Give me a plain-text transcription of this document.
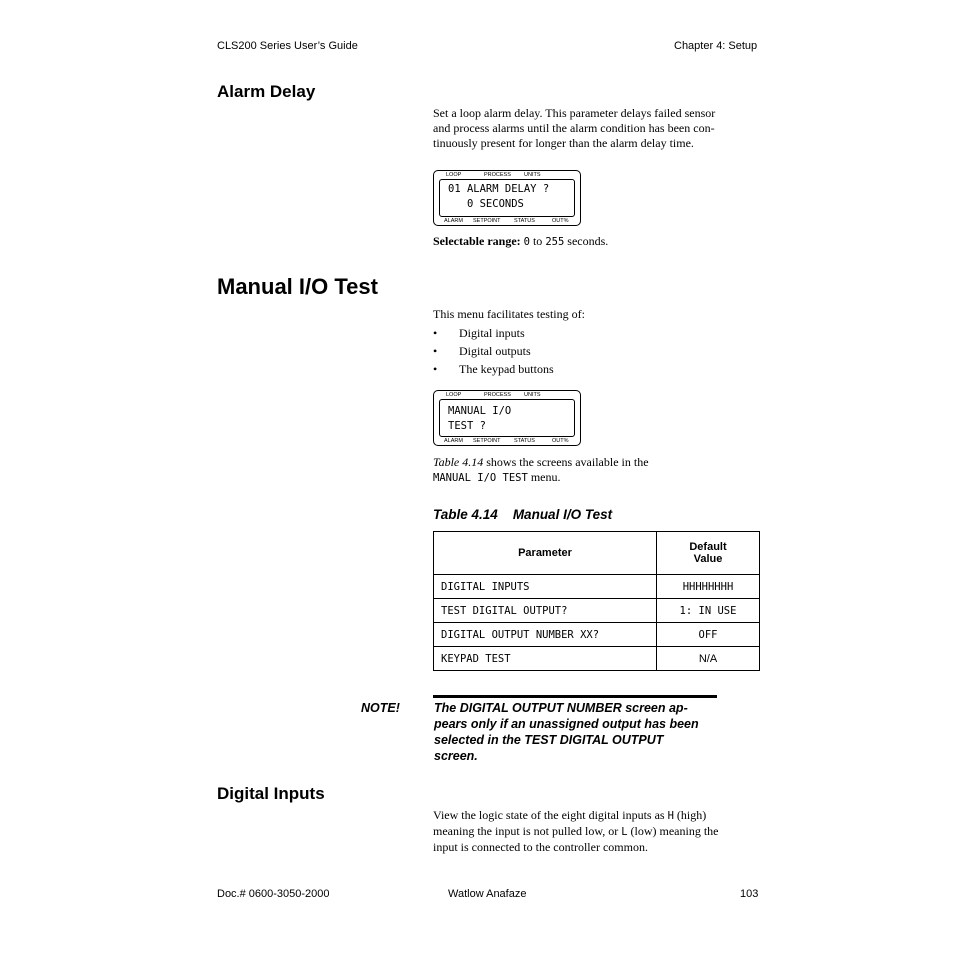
CLS200 Series User’s Guide	Chapter 4: Setup
Alarm Delay
Set a loop alarm delay. This parameter delays failed sensor
and process alarms until the alarm condition has been con-
tinuously present for longer than the alarm delay time.
LOOP	PROCESS UNITS
01 ALARM DELAY ?
0 SECONDS
ALARM SETPOINT STATUS	OUT%
Selectable range: 0 to 255 seconds.
Manual I/O Test
This menu facilitates testing of:
• Digital inputs
• Digital outputs
• The keypad buttons
LOOP	PROCESS UNITS
MANUAL I/O
TEST ?
ALARM SETPOINT STATUS	OUT%
Table 4.14 shows the screens available in the
MANUAL I/O TEST menu.
Table 4.14 Manual I/O Test
Parameter	Default
Value
DIGITAL INPUTS	HHHHHHHH
TEST DIGITAL OUTPUT?	1: IN USE
DIGITAL OUTPUT NUMBER XX?	OFF
KEYPAD TEST	N/A
NOTE!	The DIGITAL OUTPUT NUMBER screen ap-
pears only if an unassigned output has been
selected in the TEST DIGITAL OUTPUT
screen.
Digital Inputs
View the logic state of the eight digital inputs as H (high)
meaning the input is not pulled low, or L (low) meaning the
input is connected to the controller common.
Doc.# 0600-3050-2000	Watlow Anafaze	103
